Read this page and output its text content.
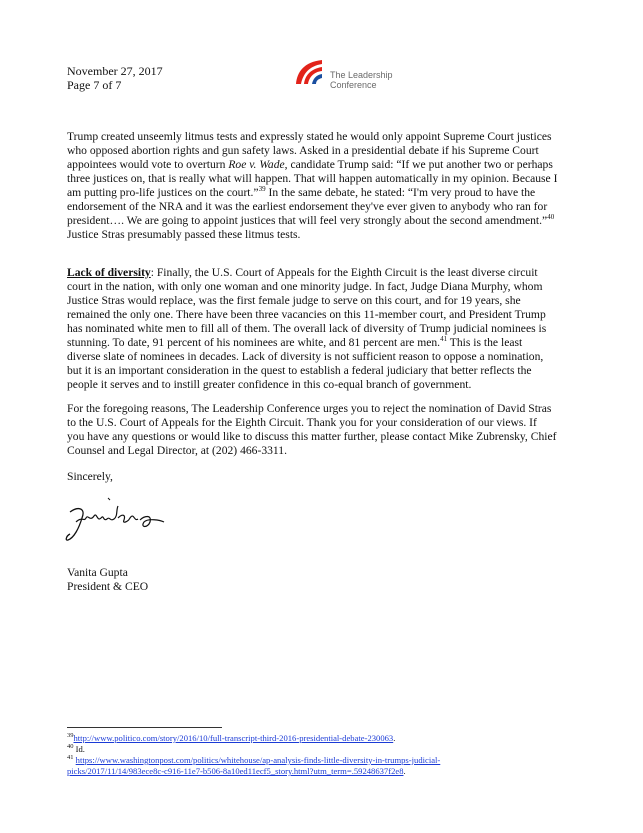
November 27, 2017
Page 7 of 7
The Leadership
Conference
Trump created unseemly litmus tests and expressly stated he would only appoint Supreme Court justices
who opposed abortion rights and gun safety laws. Asked in a presidential debate if his Supreme Court
appointees would vote to overturn Roe v. Wade, candidate Trump said: “If we put another two or perhaps
three justices on, that is really what will happen. That will happen automatically in my opinion. Because I
am putting pro-life justices on the court.”$^{39}$ In the same debate, he stated: “I'm very proud to have the
endorsement of the NRA and it was the earliest endorsement they've ever given to anybody who ran for
president…. We are going to appoint justices that will feel very strongly about the second amendment.”$^{40}$
Justice Stras presumably passed these litmus tests.
Lack of diversity: Finally, the U.S. Court of Appeals for the Eighth Circuit is the least diverse circuit
court in the nation, with only one woman and one minority judge. In fact, Judge Diana Murphy, whom
Justice Stras would replace, was the first female judge to serve on this court, and for 19 years, she
remained the only one. There have been three vacancies on this 11-member court, and President Trump
has nominated white men to fill all of them. The overall lack of diversity of Trump judicial nominees is
stunning. To date, 91 percent of his nominees are white, and 81 percent are men.$^{41}$ This is the least
diverse slate of nominees in decades. Lack of diversity is not sufficient reason to oppose a nomination,
but it is an important consideration in the quest to establish a federal judiciary that better reflects the
people it serves and to instill greater confidence in this co-equal branch of government.
For the foregoing reasons, The Leadership Conference urges you to reject the nomination of David Stras
to the U.S. Court of Appeals for the Eighth Circuit. Thank you for your consideration of our views. If
you have any questions or would like to discuss this matter further, please contact Mike Zubrensky, Chief
Counsel and Legal Director, at (202) 466-3311.
Sincerely,
Vanita Gupta
President & CEO
$^{39}$http://www.politico.com/story/2016/10/full-transcript-third-2016-presidential-debate-230063.
$^{40}$ Id.
$^{41}$ https://www.washingtonpost.com/politics/whitehouse/ap-analysis-finds-little-diversity-in-trumps-judicial-
picks/2017/11/14/983ece8c-c916-11e7-b506-8a10ed11ecf5_story.html?utm_term=.59248637f2e8.
